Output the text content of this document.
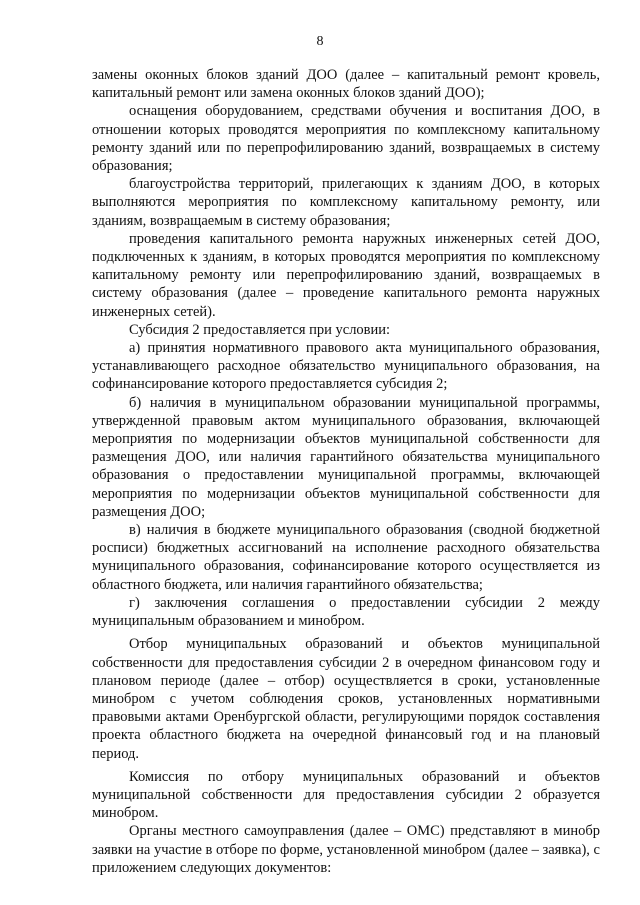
8

замены оконных блоков зданий ДОО (далее – капитальный ремонт кровель, капитальный ремонт или замена оконных блоков зданий ДОО);

оснащения оборудованием, средствами обучения и воспитания ДОО, в отношении которых проводятся мероприятия по комплексному капитальному ремонту зданий или по перепрофилированию зданий, возвращаемых в систему образования;

благоустройства территорий, прилегающих к зданиям ДОО, в которых выполняются мероприятия по комплексному капитальному ремонту, или зданиям, возвращаемым в систему образования;

проведения капитального ремонта наружных инженерных сетей ДОО, подключенных к зданиям, в которых проводятся мероприятия по комплексному капитальному ремонту или перепрофилированию зданий, возвращаемых в систему образования (далее – проведение капитального ремонта наружных инженерных сетей).

Субсидия 2 предоставляется при условии:

а) принятия нормативного правового акта муниципального образования, устанавливающего расходное обязательство муниципального образования, на софинансирование которого предоставляется субсидия 2;

б) наличия в муниципальном образовании муниципальной программы, утвержденной правовым актом муниципального образования, включающей мероприятия по модернизации объектов муниципальной собственности для размещения ДОО, или наличия гарантийного обязательства муниципального образования о предоставлении муниципальной программы, включающей мероприятия по модернизации объектов муниципальной собственности для размещения ДОО;

в) наличия в бюджете муниципального образования (сводной бюджетной росписи) бюджетных ассигнований на исполнение расходного обязательства муниципального образования, софинансирование которого осуществляется из областного бюджета, или наличия гарантийного обязательства;

г) заключения соглашения о предоставлении субсидии 2 между муниципальным образованием и минобром.

Отбор муниципальных образований и объектов муниципальной собственности для предоставления субсидии 2 в очередном финансовом году и плановом периоде (далее – отбор) осуществляется в сроки, установленные минобром с учетом соблюдения сроков, установленных нормативными правовыми актами Оренбургской области, регулирующими порядок составления проекта областного бюджета на очередной финансовый год и на плановый период.

Комиссия по отбору муниципальных образований и объектов муниципальной собственности для предоставления субсидии 2 образуется минобром.

Органы местного самоуправления (далее – ОМС) представляют в минобр заявки на участие в отборе по форме, установленной минобром (далее – заявка), с приложением следующих документов:
